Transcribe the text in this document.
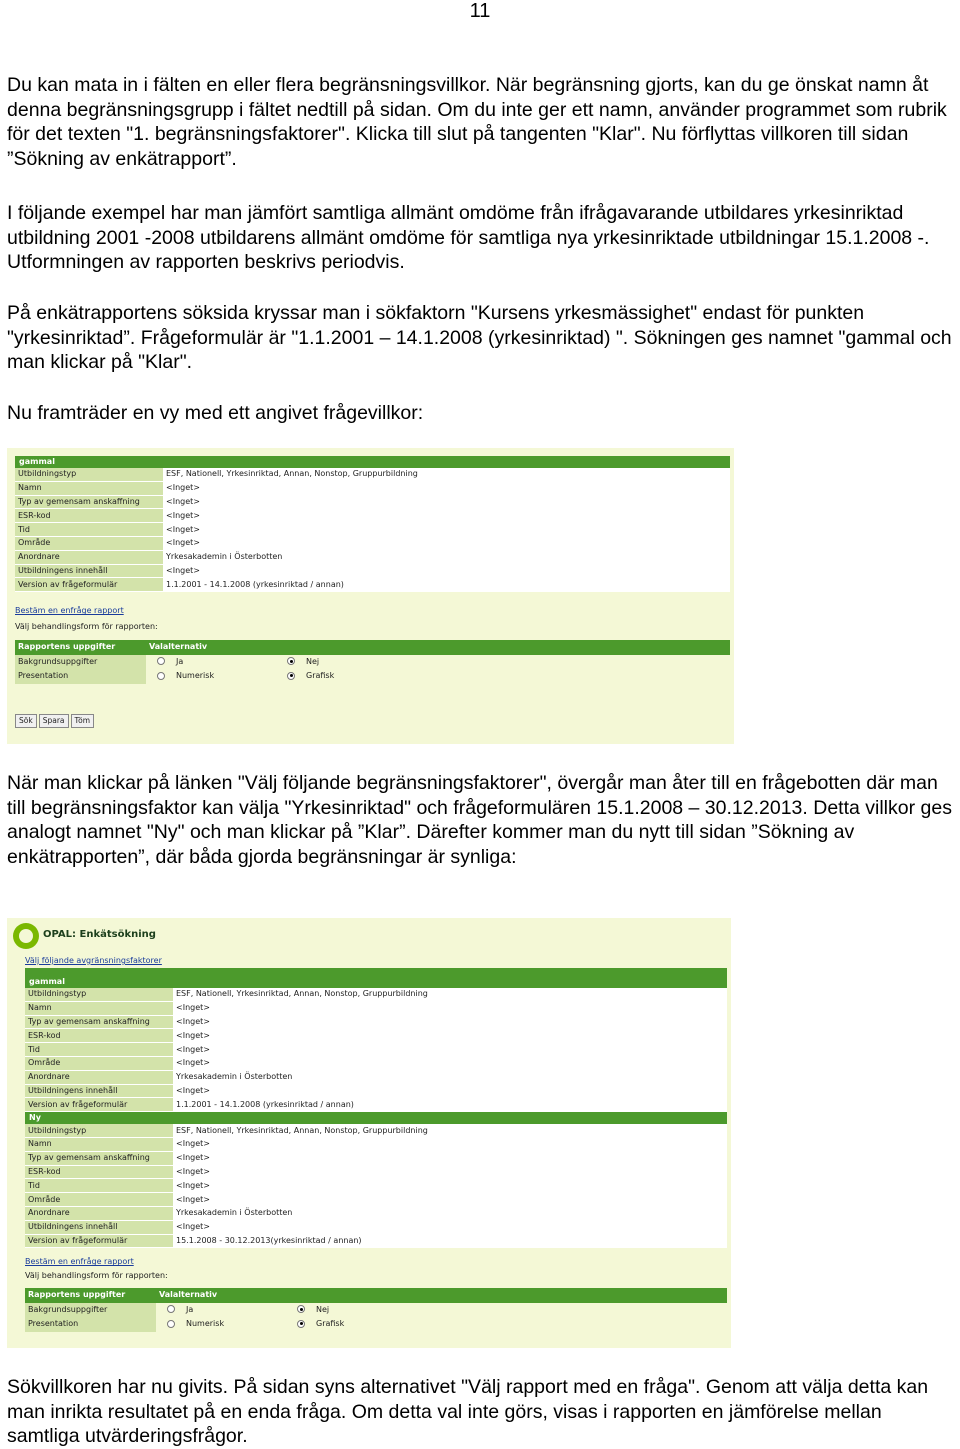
11

Du kan mata in i fälten en eller flera begränsningsvillkor. När begränsning gjorts, kan du ge önskat namn åt denna begränsningsgrupp i fältet nedtill på sidan. Om du inte ger ett namn, använder programmet som rubrik för det texten "1. begränsningsfaktorer". Klicka till slut på tangenten "Klar". Nu förflyttas villkoren till sidan ”Sökning av enkätrapport”.

I följande exempel har man jämfört samtliga allmänt omdöme från ifrågavarande utbildares yrkesinriktad utbildning 2001 -2008 utbildarens allmänt omdöme för samtliga nya yrkesinriktade utbildningar 15.1.2008 -. Utformningen av rapporten beskrivs periodvis.

På enkätrapportens söksida kryssar man i sökfaktorn "Kursens yrkesmässighet" endast för punkten "yrkesinriktad”. Frågeformulär är "1.1.2001 – 14.1.2008 (yrkesinriktad) ". Sökningen ges namnet "gammal och man klickar på "Klar".

Nu framträder en vy med ett angivet frågevillkor:

gammal
Utbildningstyp	ESF, Nationell, Yrkesinriktad, Annan, Nonstop, Gruppurbildning
Namn	<Inget>
Typ av gemensam anskaffning	<Inget>
ESR-kod	<Inget>
Tid	<Inget>
Område	<Inget>
Anordnare	Yrkesakademin i Österbotten
Utbildningens innehåll	<Inget>
Version av frågeformulär	1.1.2001 - 14.1.2008 (yrkesinriktad / annan)
Bestäm en enfråge rapport
Välj behandlingsform för rapporten:
Rapportens uppgifter	Valalternativ			
Bakgrundsuppgifter		Ja		Nej
Presentation		Numerisk		Grafisk
Sök Spara Töm

När man klickar på länken "Välj följande begränsningsfaktorer", övergår man åter till en frågebotten där man till begränsningsfaktor kan välja "Yrkesinriktad" och frågeformulären 15.1.2008 – 30.12.2013. Detta villkor ges analogt namnet "Ny" och man klickar på ”Klar”. Därefter kommer man du nytt till sidan ”Sökning av enkätrapporten”, där båda gjorda begränsningar är synliga:

OPAL: Enkätsökning
Välj följande avgränsningsfaktorer
gammal
Utbildningstyp	ESF, Nationell, Yrkesinriktad, Annan, Nonstop, Gruppurbildning
Namn	<Inget>
Typ av gemensam anskaffning	<Inget>
ESR-kod	<Inget>
Tid	<Inget>
Område	<Inget>
Anordnare	Yrkesakademin i Österbotten
Utbildningens innehåll	<Inget>
Version av frågeformulär	1.1.2001 - 14.1.2008 (yrkesinriktad / annan)
Ny
Utbildningstyp	ESF, Nationell, Yrkesinriktad, Annan, Nonstop, Gruppurbildning
Namn	<Inget>
Typ av gemensam anskaffning	<Inget>
ESR-kod	<Inget>
Tid	<Inget>
Område	<Inget>
Anordnare	Yrkesakademin i Österbotten
Utbildningens innehåll	<Inget>
Version av frågeformulär	15.1.2008 - 30.12.2013(yrkesinriktad / annan)
Bestäm en enfråge rapport
Välj behandlingsform för rapporten:
Rapportens uppgifter	Valalternativ			
Bakgrundsuppgifter		Ja		Nej
Presentation		Numerisk		Grafisk

Sökvillkoren har nu givits. På sidan syns alternativet "Välj rapport med en fråga". Genom att välja detta kan man inrikta resultatet på en enda fråga. Om detta val inte görs, visas i rapporten en jämförelse mellan samtliga utvärderingsfrågor.
